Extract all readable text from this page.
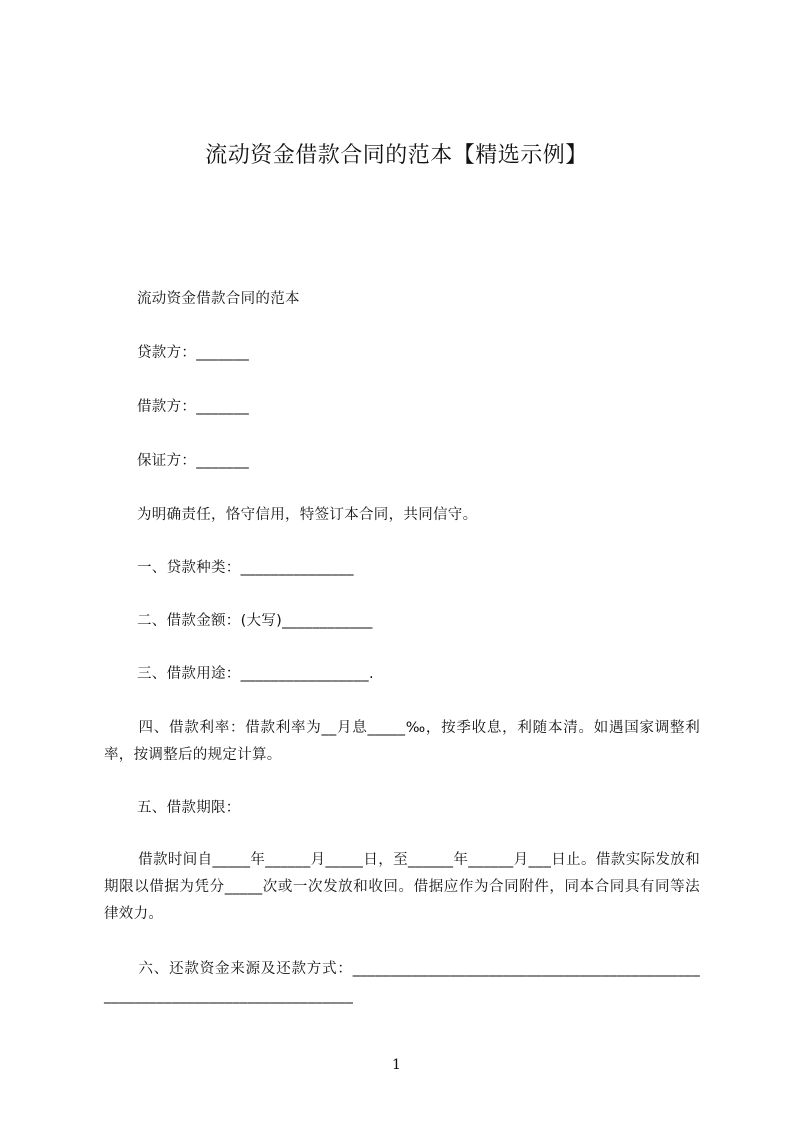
流动资金借款合同的范本【精选示例】
流动资金借款合同的范本
贷款方：_______
借款方：_______
保证方：_______
为明确责任，恪守信用，特签订本合同，共同信守。
一、贷款种类：_______________
二、借款金额：(大写)____________
三、借款用途：_________________.
四、借款利率：借款利率为__月息_____‰，按季收息，利随本清。如遇国家调整利率，按调整后的规定计算。
五、借款期限：
借款时间自_____年______月_____日，至______年______月___日止。借款实际发放和期限以借据为凭分_____次或一次发放和收回。借据应作为合同附件，同本合同具有同等法律效力。
六、还款资金来源及还款方式：_______________________________________________________________________________
1
